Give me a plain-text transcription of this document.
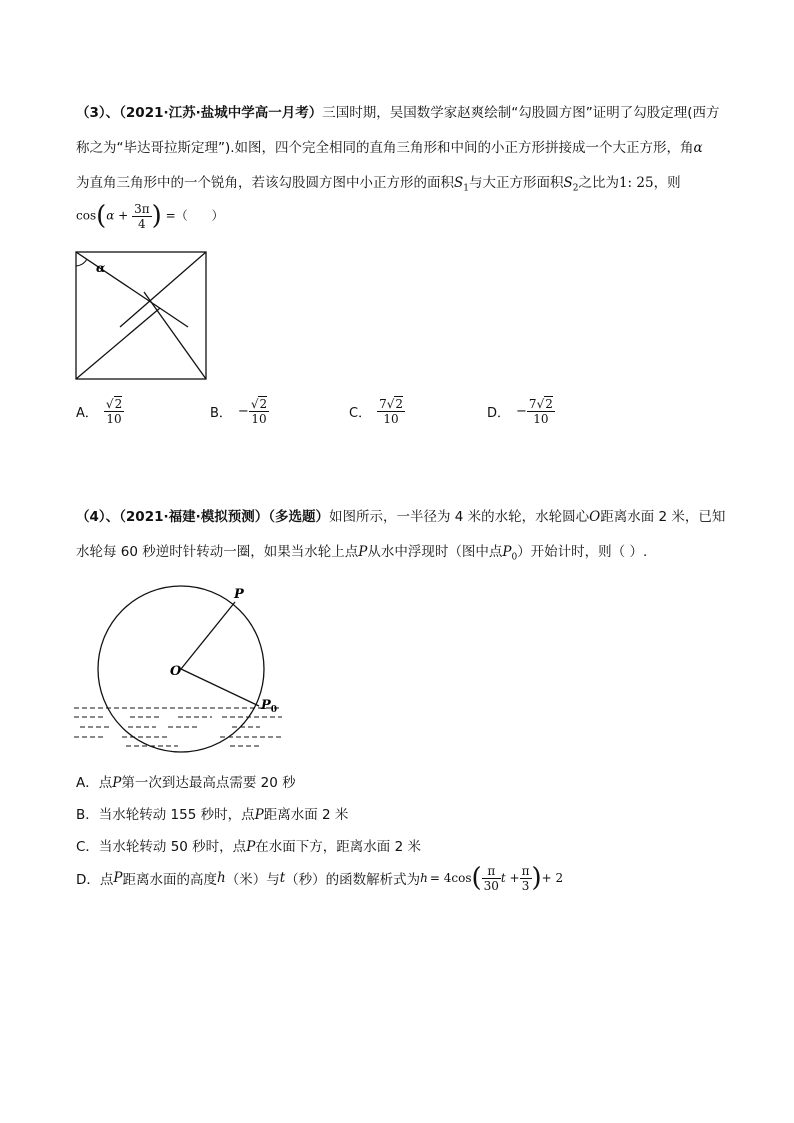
（3）、（2021·江苏·盐城中学高一月考）三国时期，吴国数学家赵爽绘制“勾股圆方图”证明了勾股定理(西方
称之为“毕达哥拉斯定理”).如图，四个完全相同的直角三角形和中间的小正方形拼接成一个大正方形，角α
为直角三角形中的一个锐角，若该勾股圆方图中小正方形的面积$S_1$与大正方形面积$S_2$之比为1: 25，则
$\cos(\alpha + \frac{3\pi}{4}$ ) =（　　）
α
A． $\frac{√2}{10}$	B． − $\frac{√2}{10}$	C． $\frac{7√2}{10}$	D． − $\frac{7√2}{10}$
（4）、（2021·福建·模拟预测）（多选题）如图所示，一半径为 4 米的水轮，水轮圆心O距离水面 2 米，已知
水轮每 60 秒逆时针转动一圈，如果当水轮上点P从水中浮现时（图中点$P_0$）开始计时，则（ ）.
P
O
$P_0$
A．点P第一次到达最高点需要 20 秒
B．当水轮转动 155 秒时，点P距离水面 2 米
C．当水轮转动 50 秒时，点P在水面下方，距离水面 2 米
D．点P距离水面的高度h（米）与t（秒）的函数解析式为$h = 4\cos( \frac{\pi}{30}$ $t + \frac{\pi}{3}$ )+ 2
